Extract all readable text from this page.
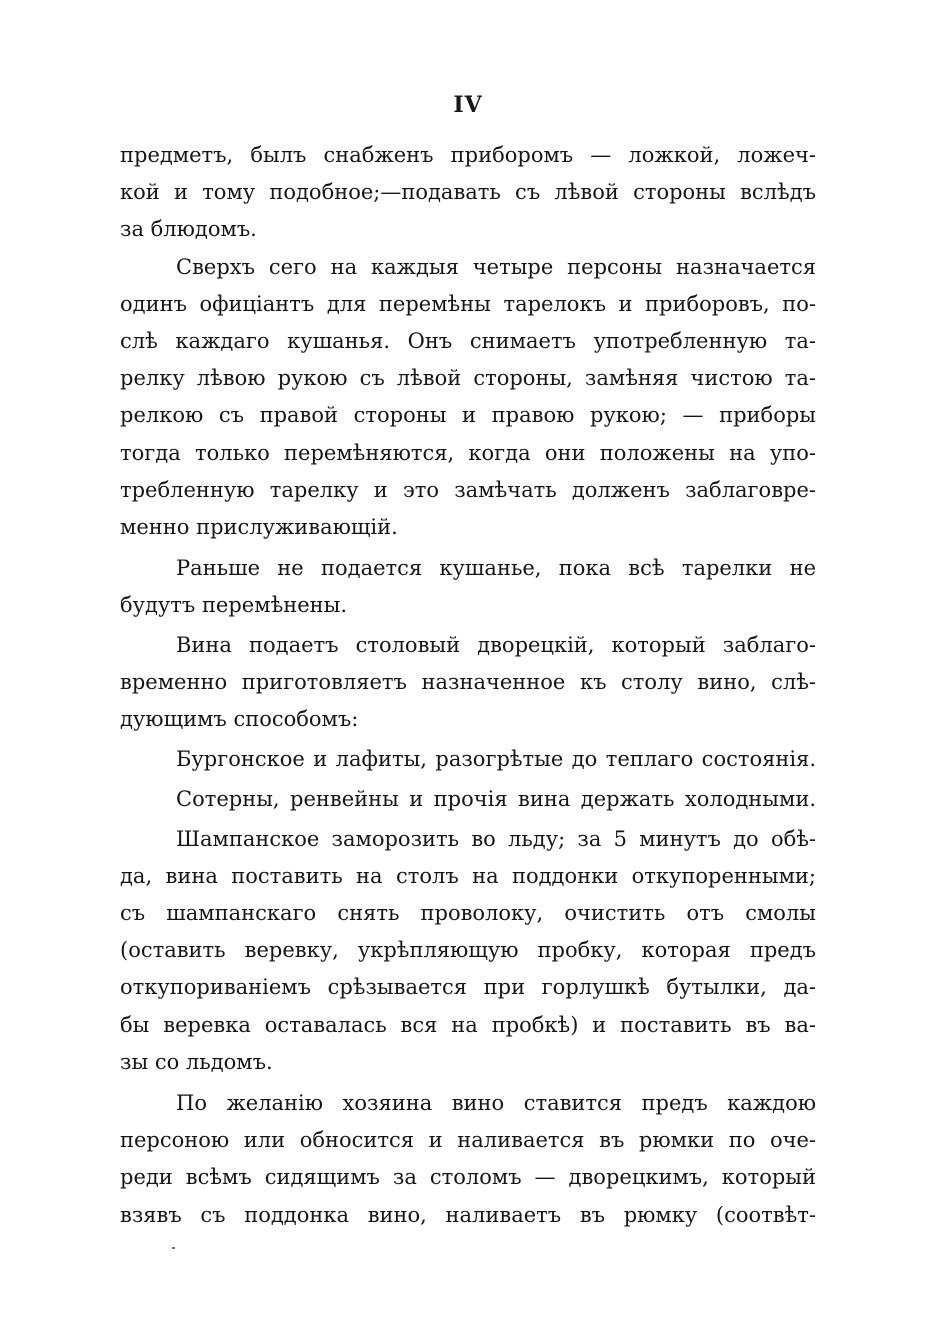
IV
предметъ, былъ снабженъ приборомъ — ложкой, ложеч-
кой и тому подобное;—подавать съ лѣвой стороны вслѣдъ
за блюдомъ.
Сверхъ сего на каждыя четыре персоны назначается
одинъ офиціантъ для перемѣны тарелокъ и приборовъ, по-
слѣ каждаго кушанья. Онъ снимаетъ употребленную та-
релку лѣвою рукою съ лѣвой стороны, замѣняя чистою та-
релкою съ правой стороны и правою рукою; — приборы
тогда только перемѣняются, когда они положены на упо-
требленную тарелку и это замѣчать долженъ заблаговре-
менно прислуживающій.
Раньше не подается кушанье, пока всѣ тарелки не
будутъ перемѣнены.
Вина подаетъ столовый дворецкій, который заблаго-
временно приготовляетъ назначенное къ столу вино, слѣ-
дующимъ способомъ:
Бургонское и лафиты, разогрѣтые до теплаго состоянія.
Сотерны, ренвейны и прочія вина держать холодными.
Шампанское заморозить во льду; за 5 минутъ до обѣ-
да, вина поставить на столъ на поддонки откупоренными;
съ шампанскаго снять проволоку, очистить отъ смолы
(оставить веревку, укрѣпляющую пробку, которая предъ
откупориваніемъ срѣзывается при горлушкѣ бутылки, да-
бы веревка оставалась вся на пробкѣ) и поставить въ ва-
зы со льдомъ.
По желанію хозяина вино ставится предъ каждою
персоною или обносится и наливается въ рюмки по оче-
реди всѣмъ сидящимъ за столомъ — дворецкимъ, который
взявъ съ поддонка вино, наливаетъ въ рюмку (соотвѣт-
